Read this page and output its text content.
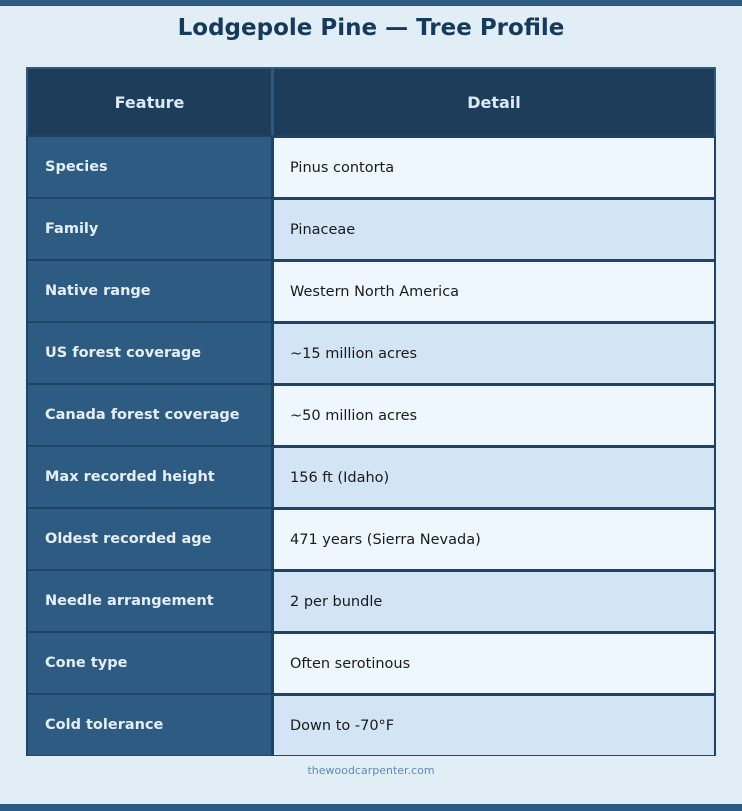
Lodgepole Pine — Tree Profile
Feature	Detail
Species	Pinus contorta
Family	Pinaceae
Native range	Western North America
US forest coverage	~15 million acres
Canada forest coverage	~50 million acres
Max recorded height	156 ft (Idaho)
Oldest recorded age	471 years (Sierra Nevada)
Needle arrangement	2 per bundle
Cone type	Often serotinous
Cold tolerance	Down to -70°F
thewoodcarpenter.com
